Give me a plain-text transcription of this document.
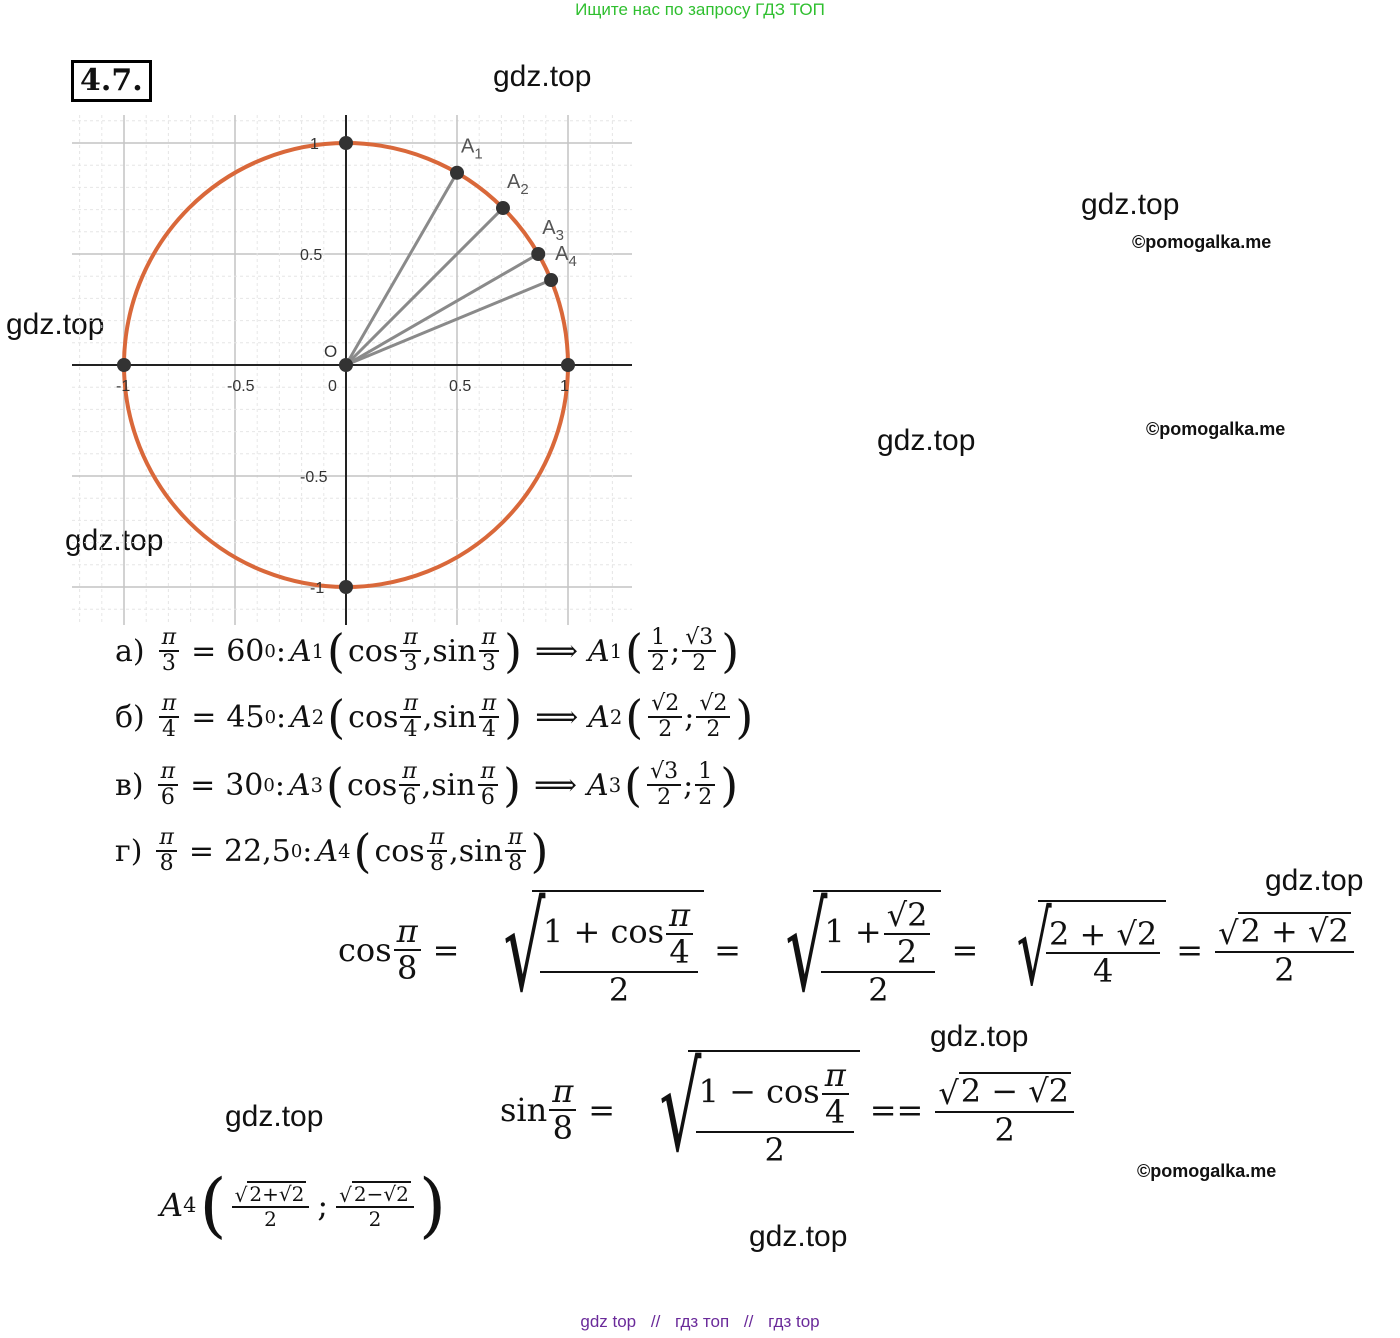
Ищите нас по запросу ГДЗ ТОП
4.7.	gdz.top
gdz.top
gdz.top
gdz.top
gdz.top
gdz.top
gdz.top
gdz.top
gdz.top
©pomogalka.me
©pomogalka.me
©pomogalka.me
-1	-0.5	0	0.5	1
1
0.5
-0.5
-1
O
$A_1$
$A_2$
$A_3$
$A_4$
$а) \frac{\pi}{3} = 60$ 0 : A 1 ( $\cos \frac{\pi}{3}$ , $\sin \frac{\pi}{3}$ ) ⟹ A 1 ( $\frac{1}{2}$ ; $\frac{√3}{2}$ )
$б) \frac{\pi}{4} = 45$ 0 : A 2 ( $\cos \frac{\pi}{4}$ , $\sin \frac{\pi}{4}$ ) ⟹ A 2 ( $\frac{√2}{2}$ ; $\frac{√2}{2}$ )
$в) \frac{\pi}{6} = 30$ 0 : A 3 ( $\cos \frac{\pi}{6}$ , $\sin \frac{\pi}{6}$ ) ⟹ A 3 ( $\frac{√3}{2}$ ; $\frac{1}{2}$ )
$г) \frac{\pi}{8} = 22,5$ 0 : A 4 ( $\cos \frac{\pi}{8}$ , $\sin \frac{\pi}{8}$ )
$\cos \frac{\pi}{8}$ = √
$\frac{1 + \cos \frac{\pi}{4}}{2}$ = √
$\frac{1 + \frac{√2}{2}}{2}$ = √
$\frac{2 + √2}{4} = \frac{√ 2 + √2}{2}$
$\sin \frac{\pi}{8}$ = √
$\frac{1 - \cos \frac{\pi}{4}}{2} == \frac{√ 2 - √2}{2}$
A 4 ( $\frac{√ 2+√2}{2}$ ; $\frac{√ 2-√2}{2}$ )
gdz top // гдз топ // гдз top
